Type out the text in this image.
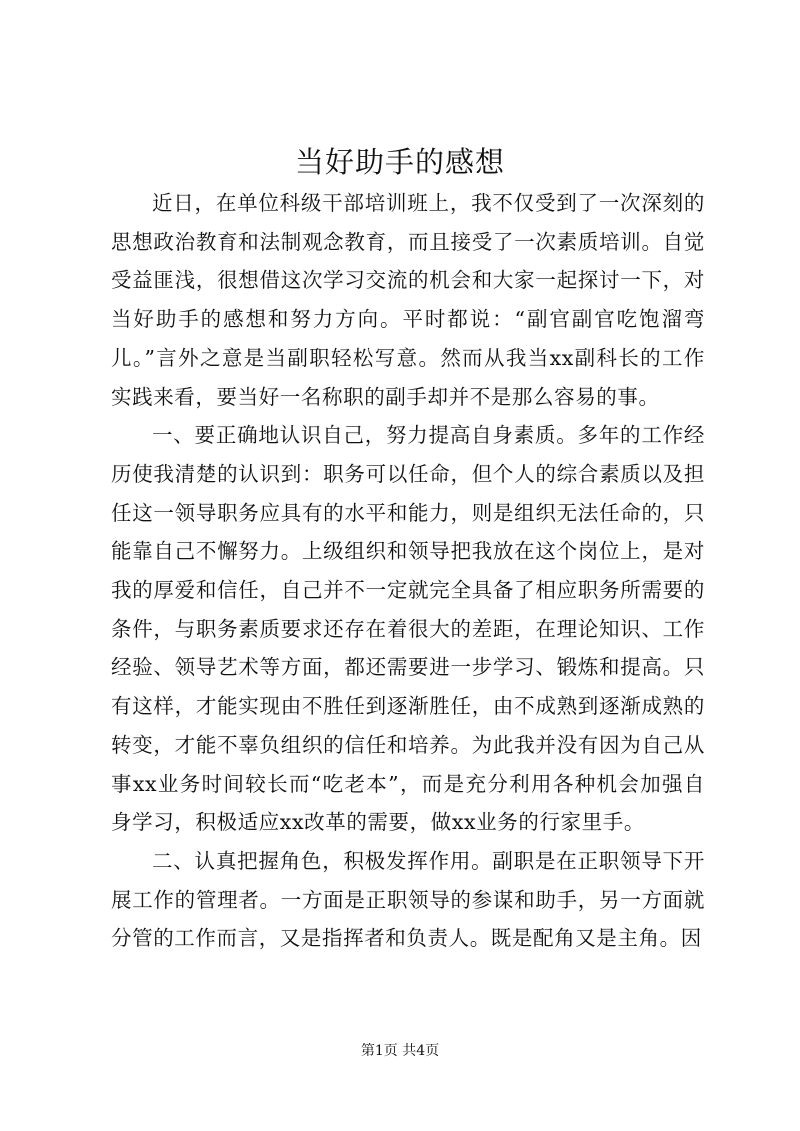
当好助手的感想

近日，在单位科级干部培训班上，我不仅受到了一次深刻的思想政治教育和法制观念教育，而且接受了一次素质培训。自觉受益匪浅，很想借这次学习交流的机会和大家一起探讨一下，对当好助手的感想和努力方向。平时都说：“副官副官吃饱溜弯儿。”言外之意是当副职轻松写意。然而从我当xx副科长的工作实践来看，要当好一名称职的副手却并不是那么容易的事。

一、要正确地认识自己，努力提高自身素质。多年的工作经历使我清楚的认识到：职务可以任命，但个人的综合素质以及担任这一领导职务应具有的水平和能力，则是组织无法任命的，只能靠自己不懈努力。上级组织和领导把我放在这个岗位上，是对我的厚爱和信任，自己并不一定就完全具备了相应职务所需要的条件，与职务素质要求还存在着很大的差距，在理论知识、工作经验、领导艺术等方面，都还需要进一步学习、锻炼和提高。只有这样，才能实现由不胜任到逐渐胜任，由不成熟到逐渐成熟的转变，才能不辜负组织的信任和培养。为此我并没有因为自己从事xx业务时间较长而“吃老本”，而是充分利用各种机会加强自身学习，积极适应xx改革的需要，做xx业务的行家里手。

二、认真把握角色，积极发挥作用。副职是在正职领导下开展工作的管理者。一方面是正职领导的参谋和助手，另一方面就分管的工作而言，又是指挥者和负责人。既是配角又是主角。因

第1页 共4页
